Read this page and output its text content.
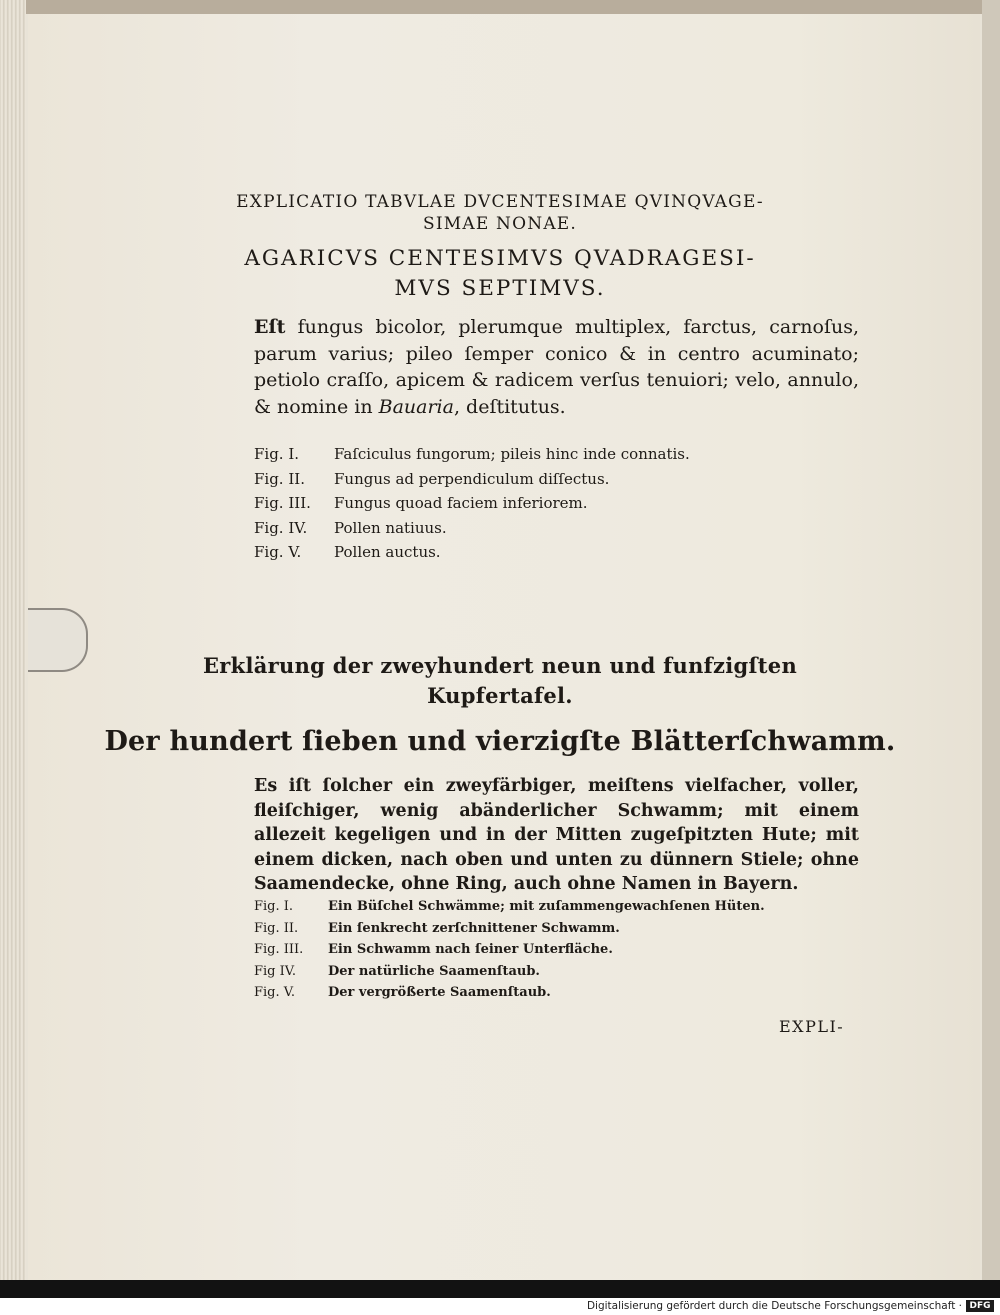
EXPLICATIO TABVLAE DVCENTESIMAE QVINQVAGE-
SIMAE NONAE.
AGARICVS CENTESIMVS QVADRAGESI-
MVS SEPTIMVS.
Eſt fungus bicolor, plerumque multiplex, farctus, carnoſus, parum varius; pileo ſemper conico & in centro acuminato; petiolo craſſo, apicem & radicem verſus tenuiori; velo, annulo, & nomine in Bauaria, deſtitutus.
Fig. I. Faſciculus fungorum; pileis hinc inde connatis.
Fig. II. Fungus ad perpendiculum diſſectus.
Fig. III. Fungus quoad faciem inferiorem.
Fig. IV. Pollen natiuus.
Fig. V. Pollen auctus.
Erklärung der zweyhundert neun und funfzigſten
Kupfertafel.
Der hundert ſieben und vierzigſte Blätterſchwamm.
Es iſt ſolcher ein zweyfärbiger, meiſtens vielfacher, voller, fleiſchiger, wenig abänderlicher Schwamm; mit einem allezeit kegeligen und in der Mitten zugeſpitzten Hute; mit einem dicken, nach oben und unten zu dünnern Stiele; ohne Saamendecke, ohne Ring, auch ohne Namen in Bayern.
Fig. I.	Ein Büſchel Schwämme; mit zuſammengewachſenen Hüten.
Fig. II. Ein ſenkrecht zerſchnittener Schwamm.
Fig. III. Ein Schwamm nach ſeiner Unterfläche.
Fig IV. Der natürliche Saamenſtaub.
Fig. V.	Der vergrößerte Saamenſtaub.
EXPLI-
Digitalisierung gefördert durch die Deutsche Forschungsgemeinschaft · DFG
